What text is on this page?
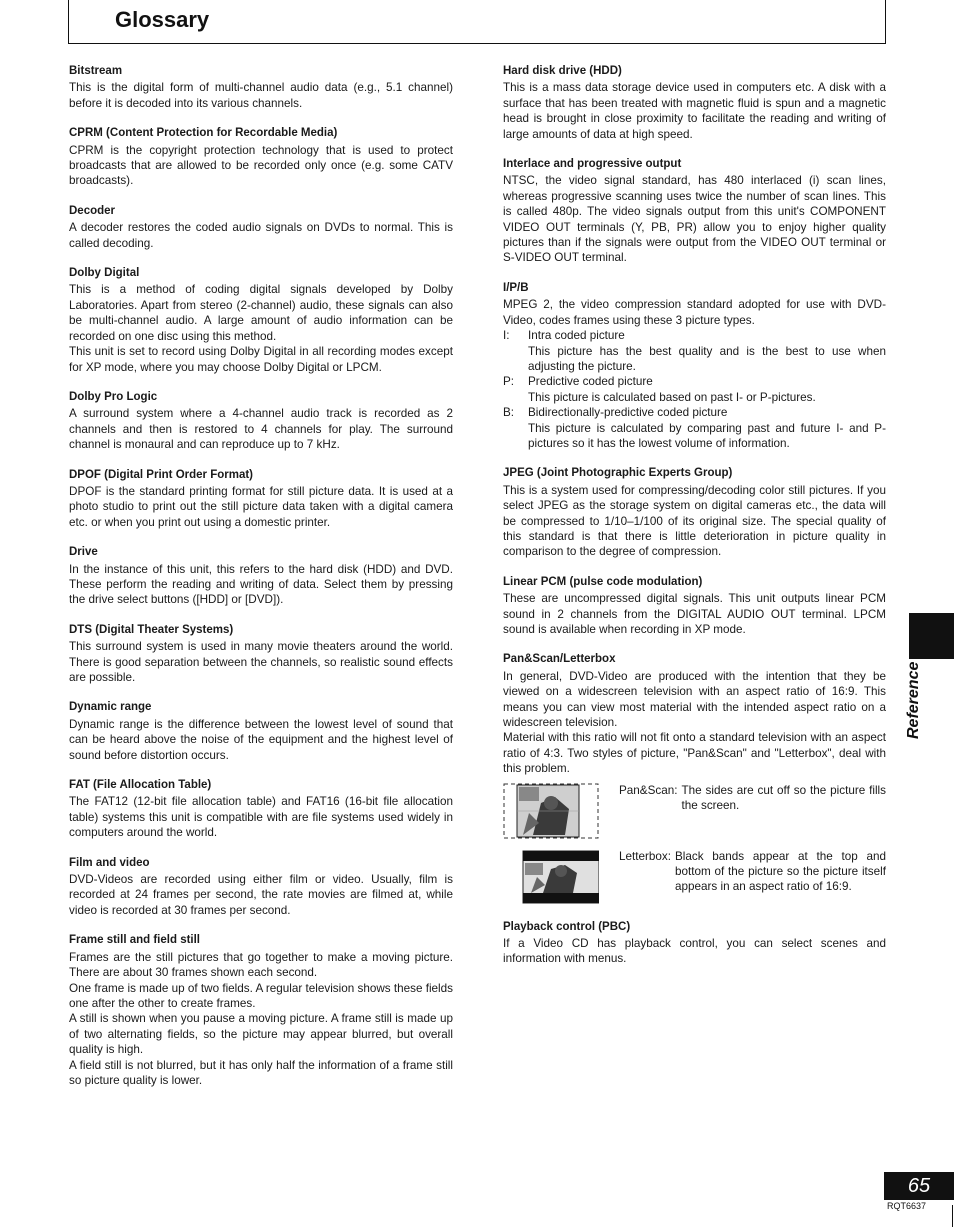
Glossary

Bitstream

This is the digital form of multi-channel audio data (e.g., 5.1 channel) before it is decoded into its various channels.

CPRM (Content Protection for Recordable Media)

CPRM is the copyright protection technology that is used to protect broadcasts that are allowed to be recorded only once (e.g. some CATV broadcasts).

Decoder

A decoder restores the coded audio signals on DVDs to normal. This is called decoding.

Dolby Digital

This is a method of coding digital signals developed by Dolby Laboratories. Apart from stereo (2-channel) audio, these signals can also be multi-channel audio. A large amount of audio information can be recorded on one disc using this method.

This unit is set to record using Dolby Digital in all recording modes except for XP mode, where you may choose Dolby Digital or LPCM.

Dolby Pro Logic

A surround system where a 4-channel audio track is recorded as 2 channels and then is restored to 4 channels for play. The surround channel is monaural and can reproduce up to 7 kHz.

DPOF (Digital Print Order Format)

DPOF is the standard printing format for still picture data. It is used at a photo studio to print out the still picture data taken with a digital camera etc. or when you print out using a domestic printer.

Drive

In the instance of this unit, this refers to the hard disk (HDD) and DVD. These perform the reading and writing of data. Select them by pressing the drive select buttons ([HDD] or [DVD]).

DTS (Digital Theater Systems)

This surround system is used in many movie theaters around the world. There is good separation between the channels, so realistic sound effects are possible.

Dynamic range

Dynamic range is the difference between the lowest level of sound that can be heard above the noise of the equipment and the highest level of sound before distortion occurs.

FAT (File Allocation Table)

The FAT12 (12-bit file allocation table) and FAT16 (16-bit file allocation table) systems this unit is compatible with are file systems used widely in computers around the world.

Film and video

DVD-Videos are recorded using either film or video. Usually, film is recorded at 24 frames per second, the rate movies are filmed at, while video is recorded at 30 frames per second.

Frame still and field still

Frames are the still pictures that go together to make a moving picture. There are about 30 frames shown each second.

One frame is made up of two fields. A regular television shows these fields one after the other to create frames.

A still is shown when you pause a moving picture. A frame still is made up of two alternating fields, so the picture may appear blurred, but overall quality is high.

A field still is not blurred, but it has only half the information of a frame still so picture quality is lower.

Hard disk drive (HDD)

This is a mass data storage device used in computers etc. A disk with a surface that has been treated with magnetic fluid is spun and a magnetic head is brought in close proximity to facilitate the reading and writing of large amounts of data at high speed.

Interlace and progressive output

NTSC, the video signal standard, has 480 interlaced (i) scan lines, whereas progressive scanning uses twice the number of scan lines. This is called 480p. The video signals output from this unit's COMPONENT VIDEO OUT terminals (Y, PB, PR) allow you to enjoy higher quality pictures than if the signals were output from the VIDEO OUT terminal or S-VIDEO OUT terminal.

I/P/B

MPEG 2, the video compression standard adopted for use with DVD-Video, codes frames using these 3 picture types.

I:	Intra coded picture

This picture has the best quality and is the best to use when adjusting the picture.

P:	Predictive coded picture

This picture is calculated based on past I- or P-pictures.

B:	Bidirectionally-predictive coded picture

This picture is calculated by comparing past and future I- and P-pictures so it has the lowest volume of information.

JPEG (Joint Photographic Experts Group)

This is a system used for compressing/decoding color still pictures. If you select JPEG as the storage system on digital cameras etc., the data will be compressed to 1/10–1/100 of its original size. The special quality of this standard is that there is little deterioration in picture quality in comparison to the degree of compression.

Linear PCM (pulse code modulation)

These are uncompressed digital signals. This unit outputs linear PCM sound in 2 channels from the DIGITAL AUDIO OUT terminal. LPCM sound is available when recording in XP mode.

Pan&Scan/Letterbox

In general, DVD-Video are produced with the intention that they be viewed on a widescreen television with an aspect ratio of 16:9. This means you can view most material with the intended aspect ratio on a widescreen television.

Material with this ratio will not fit onto a standard television with an aspect ratio of 4:3. Two styles of picture, "Pan&Scan" and "Letterbox", deal with this problem.

Pan&Scan: The sides are cut off so the picture fills the screen.
Letterbox: Black bands appear at the top and bottom of the picture so the picture itself appears in an aspect ratio of 16:9.

Playback control (PBC)

If a Video CD has playback control, you can select scenes and information with menus.

Reference
65
RQT6637
